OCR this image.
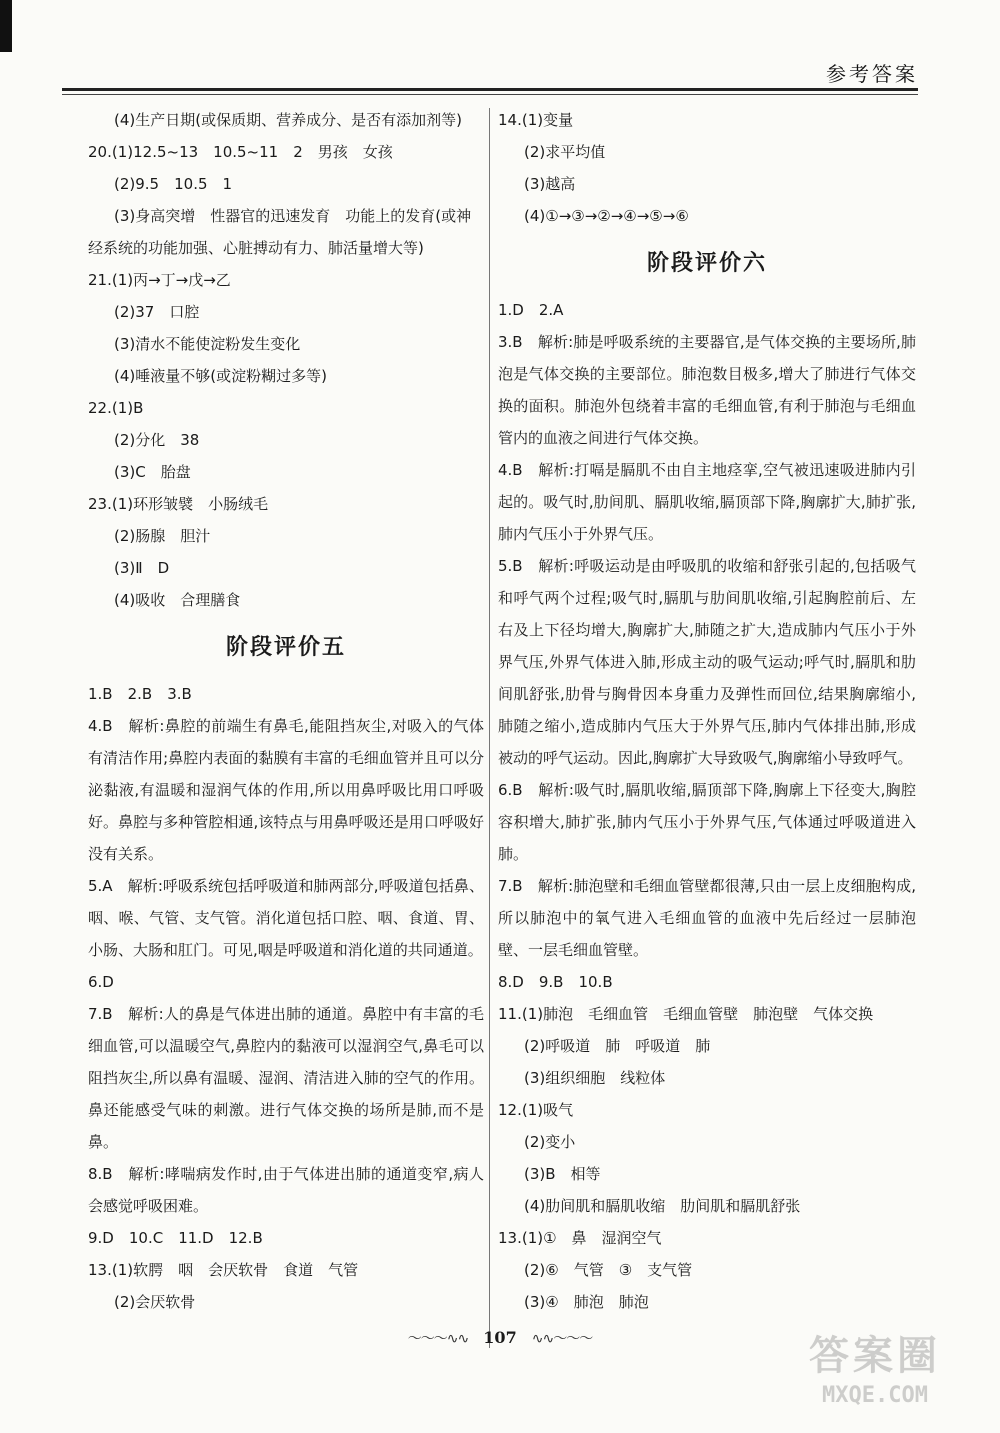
参考答案
(4)生产日期(或保质期、营养成分、是否有添加剂等)
20.(1)12.5~13　10.5~11　2　男孩　女孩
(2)9.5　10.5　1
(3)身高突增　性器官的迅速发育　功能上的发育(或神
经系统的功能加强、心脏搏动有力、肺活量增大等)
21.(1)丙→丁→戊→乙
(2)37　口腔
(3)清水不能使淀粉发生变化
(4)唾液量不够(或淀粉糊过多等)
22.(1)B
(2)分化　38
(3)C　胎盘
23.(1)环形皱襞　小肠绒毛
(2)肠腺　胆汁
(3)Ⅱ　D
(4)吸收　合理膳食
阶段评价五
1.B　2.B　3.B
4.B　解析:鼻腔的前端生有鼻毛,能阻挡灰尘,对吸入的气体有清洁作用;鼻腔内表面的黏膜有丰富的毛细血管并且可以分泌黏液,有温暖和湿润气体的作用,所以用鼻呼吸比用口呼吸好。鼻腔与多种管腔相通,该特点与用鼻呼吸还是用口呼吸好没有关系。
5.A　解析:呼吸系统包括呼吸道和肺两部分,呼吸道包括鼻、咽、喉、气管、支气管。消化道包括口腔、咽、食道、胃、小肠、大肠和肛门。可见,咽是呼吸道和消化道的共同通道。
6.D
7.B　解析:人的鼻是气体进出肺的通道。鼻腔中有丰富的毛细血管,可以温暖空气,鼻腔内的黏液可以湿润空气,鼻毛可以阻挡灰尘,所以鼻有温暖、湿润、清洁进入肺的空气的作用。鼻还能感受气味的刺激。进行气体交换的场所是肺,而不是鼻。
8.B　解析:哮喘病发作时,由于气体进出肺的通道变窄,病人会感觉呼吸困难。
9.D　10.C　11.D　12.B
13.(1)软腭　咽　会厌软骨　食道　气管
(2)会厌软骨
14.(1)变量
(2)求平均值
(3)越高
(4)①→③→②→④→⑤→⑥
阶段评价六
1.D　2.A
3.B　解析:肺是呼吸系统的主要器官,是气体交换的主要场所,肺泡是气体交换的主要部位。肺泡数目极多,增大了肺进行气体交换的面积。肺泡外包绕着丰富的毛细血管,有利于肺泡与毛细血管内的血液之间进行气体交换。
4.B　解析:打嗝是膈肌不由自主地痉挛,空气被迅速吸进肺内引起的。吸气时,肋间肌、膈肌收缩,膈顶部下降,胸廓扩大,肺扩张,肺内气压小于外界气压。
5.B　解析:呼吸运动是由呼吸肌的收缩和舒张引起的,包括吸气和呼气两个过程;吸气时,膈肌与肋间肌收缩,引起胸腔前后、左右及上下径均增大,胸廓扩大,肺随之扩大,造成肺内气压小于外界气压,外界气体进入肺,形成主动的吸气运动;呼气时,膈肌和肋间肌舒张,肋骨与胸骨因本身重力及弹性而回位,结果胸廓缩小,肺随之缩小,造成肺内气压大于外界气压,肺内气体排出肺,形成被动的呼气运动。因此,胸廓扩大导致吸气,胸廓缩小导致呼气。
6.B　解析:吸气时,膈肌收缩,膈顶部下降,胸廓上下径变大,胸腔容积增大,肺扩张,肺内气压小于外界气压,气体通过呼吸道进入肺。
7.B　解析:肺泡壁和毛细血管壁都很薄,只由一层上皮细胞构成,所以肺泡中的氧气进入毛细血管的血液中先后经过一层肺泡壁、一层毛细血管壁。
8.D　9.B　10.B
11.(1)肺泡　毛细血管　毛细血管壁　肺泡壁　气体交换
(2)呼吸道　肺　呼吸道　肺
(3)组织细胞　线粒体
12.(1)吸气
(2)变小
(3)B　相等
(4)肋间肌和膈肌收缩　肋间肌和膈肌舒张
13.(1)①　鼻　湿润空气
(2)⑥　气管　③　支气管
(3)④　肺泡　肺泡
～～～∿∿ 107 ∿∿～～～	答案圈
MXQE.COM
